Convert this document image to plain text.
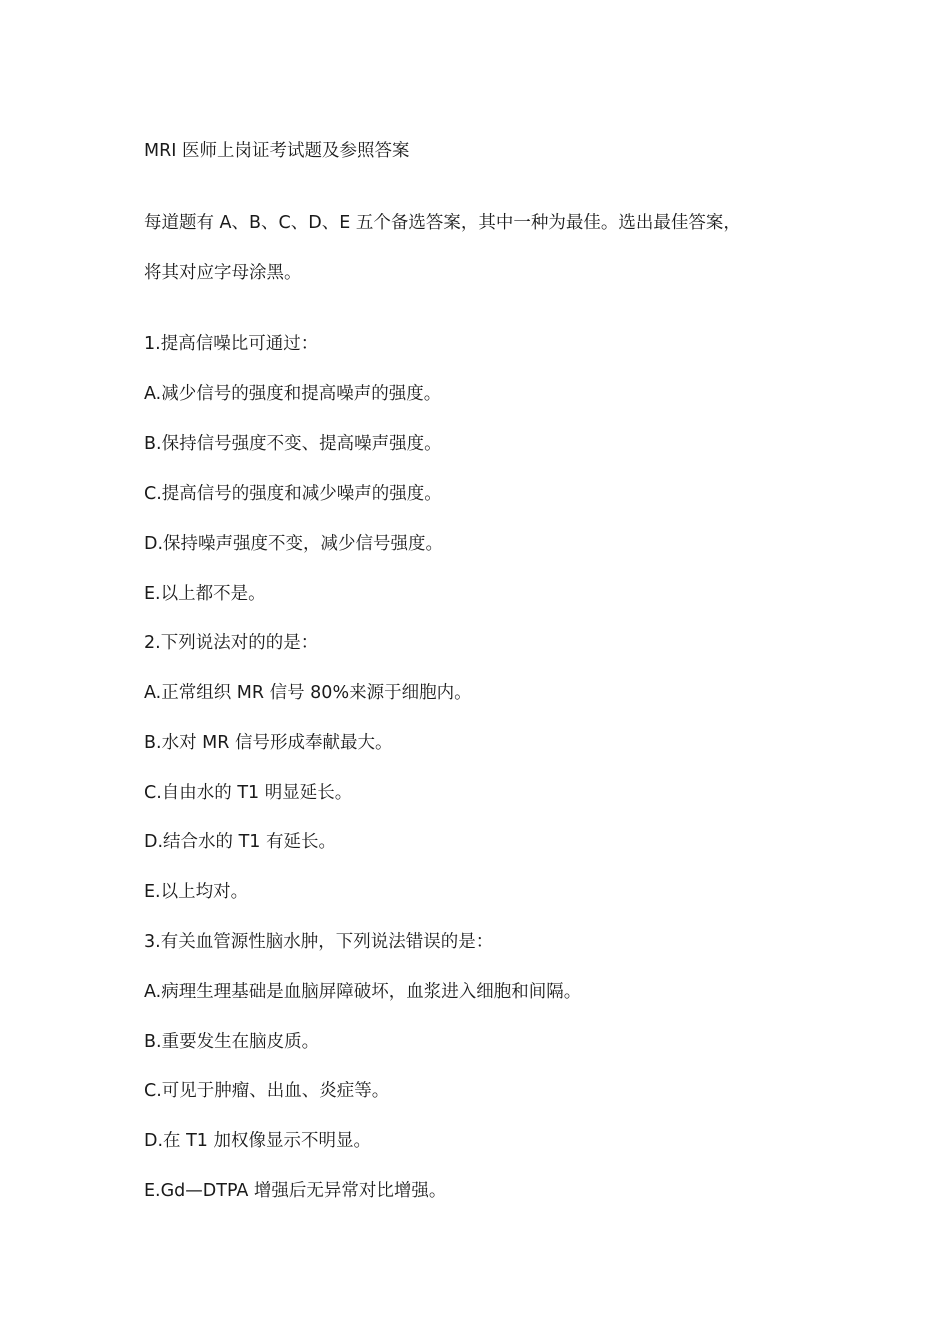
MRI 医师上岗证考试题及参照答案
每道题有 A、B、C、D、E 五个备选答案，其中一种为最佳。选出最佳答案，
将其对应字母涂黑。
1.提高信噪比可通过：
A.减少信号的强度和提高噪声的强度。
B.保持信号强度不变、提高噪声强度。
C.提高信号的强度和减少噪声的强度。
D.保持噪声强度不变，减少信号强度。
E.以上都不是。
2.下列说法对的的是：
A.正常组织 MR 信号 80%来源于细胞内。
B.水对 MR 信号形成奉献最大。
C.自由水的 T1 明显延长。
D.结合水的 T1 有延长。
E.以上均对。
3.有关血管源性脑水肿，下列说法错误的是：
A.病理生理基础是血脑屏障破坏，血浆进入细胞和间隔。
B.重要发生在脑皮质。
C.可见于肿瘤、出血、炎症等。
D.在 T1 加权像显示不明显。
E.Gd—DTPA 增强后无异常对比增强。
